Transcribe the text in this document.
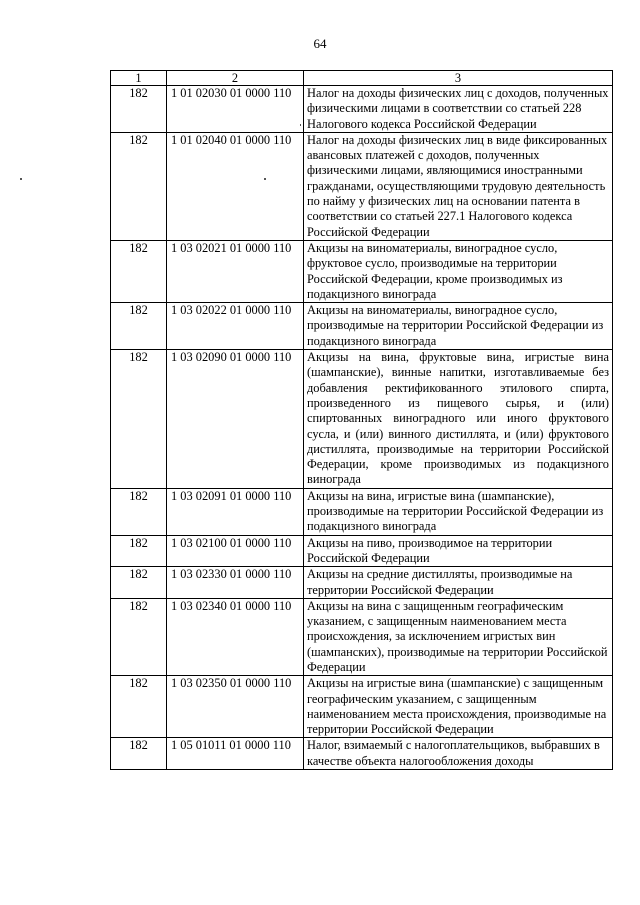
64
1	2	3
182	1 01 02030 01 0000 110	Налог на доходы физических лиц с доходов, полученных физическими лицами в соответствии со статьей 228 Налогового кодекса Российской Федерации
182	1 01 02040 01 0000 110	Налог на доходы физических лиц в виде фиксированных авансовых платежей с доходов, полученных физическими лицами, являющимися иностранными гражданами, осуществляющими трудовую деятельность по найму у физических лиц на основании патента в соответствии со статьей 227.1 Налогового кодекса Российской Федерации
182	1 03 02021 01 0000 110	Акцизы на виноматериалы, виноградное сусло, фруктовое сусло, производимые на территории Российской Федерации, кроме производимых из подакцизного винограда
182	1 03 02022 01 0000 110	Акцизы на виноматериалы, виноградное сусло, производимые на территории Российской Федерации из подакцизного винограда
182	1 03 02090 01 0000 110	Акцизы на вина, фруктовые вина, игристые вина (шампанские), винные напитки, изготавливаемые без добавления ректификованного этилового спирта, произведенного из пищевого сырья, и (или) спиртованных виноградного или иного фруктового сусла, и (или) винного дистиллята, и (или) фруктового дистиллята, производимые на территории Российской Федерации, кроме производимых из подакцизного винограда
182	1 03 02091 01 0000 110	Акцизы на вина, игристые вина (шампанские), производимые на территории Российской Федерации из подакцизного винограда
182	1 03 02100 01 0000 110	Акцизы на пиво, производимое на территории Российской Федерации
182	1 03 02330 01 0000 110	Акцизы на средние дистилляты, производимые на территории Российской Федерации
182	1 03 02340 01 0000 110	Акцизы на вина с защищенным географическим указанием, с защищенным наименованием места происхождения, за исключением игристых вин (шампанских), производимые на территории Российской Федерации
182	1 03 02350 01 0000 110	Акцизы на игристые вина (шампанские) с защищенным географическим указанием, с защищенным наименованием места происхождения, производимые на территории Российской Федерации
182	1 05 01011 01 0000 110	Налог, взимаемый с налогоплательщиков, выбравших в качестве объекта налогообложения доходы
